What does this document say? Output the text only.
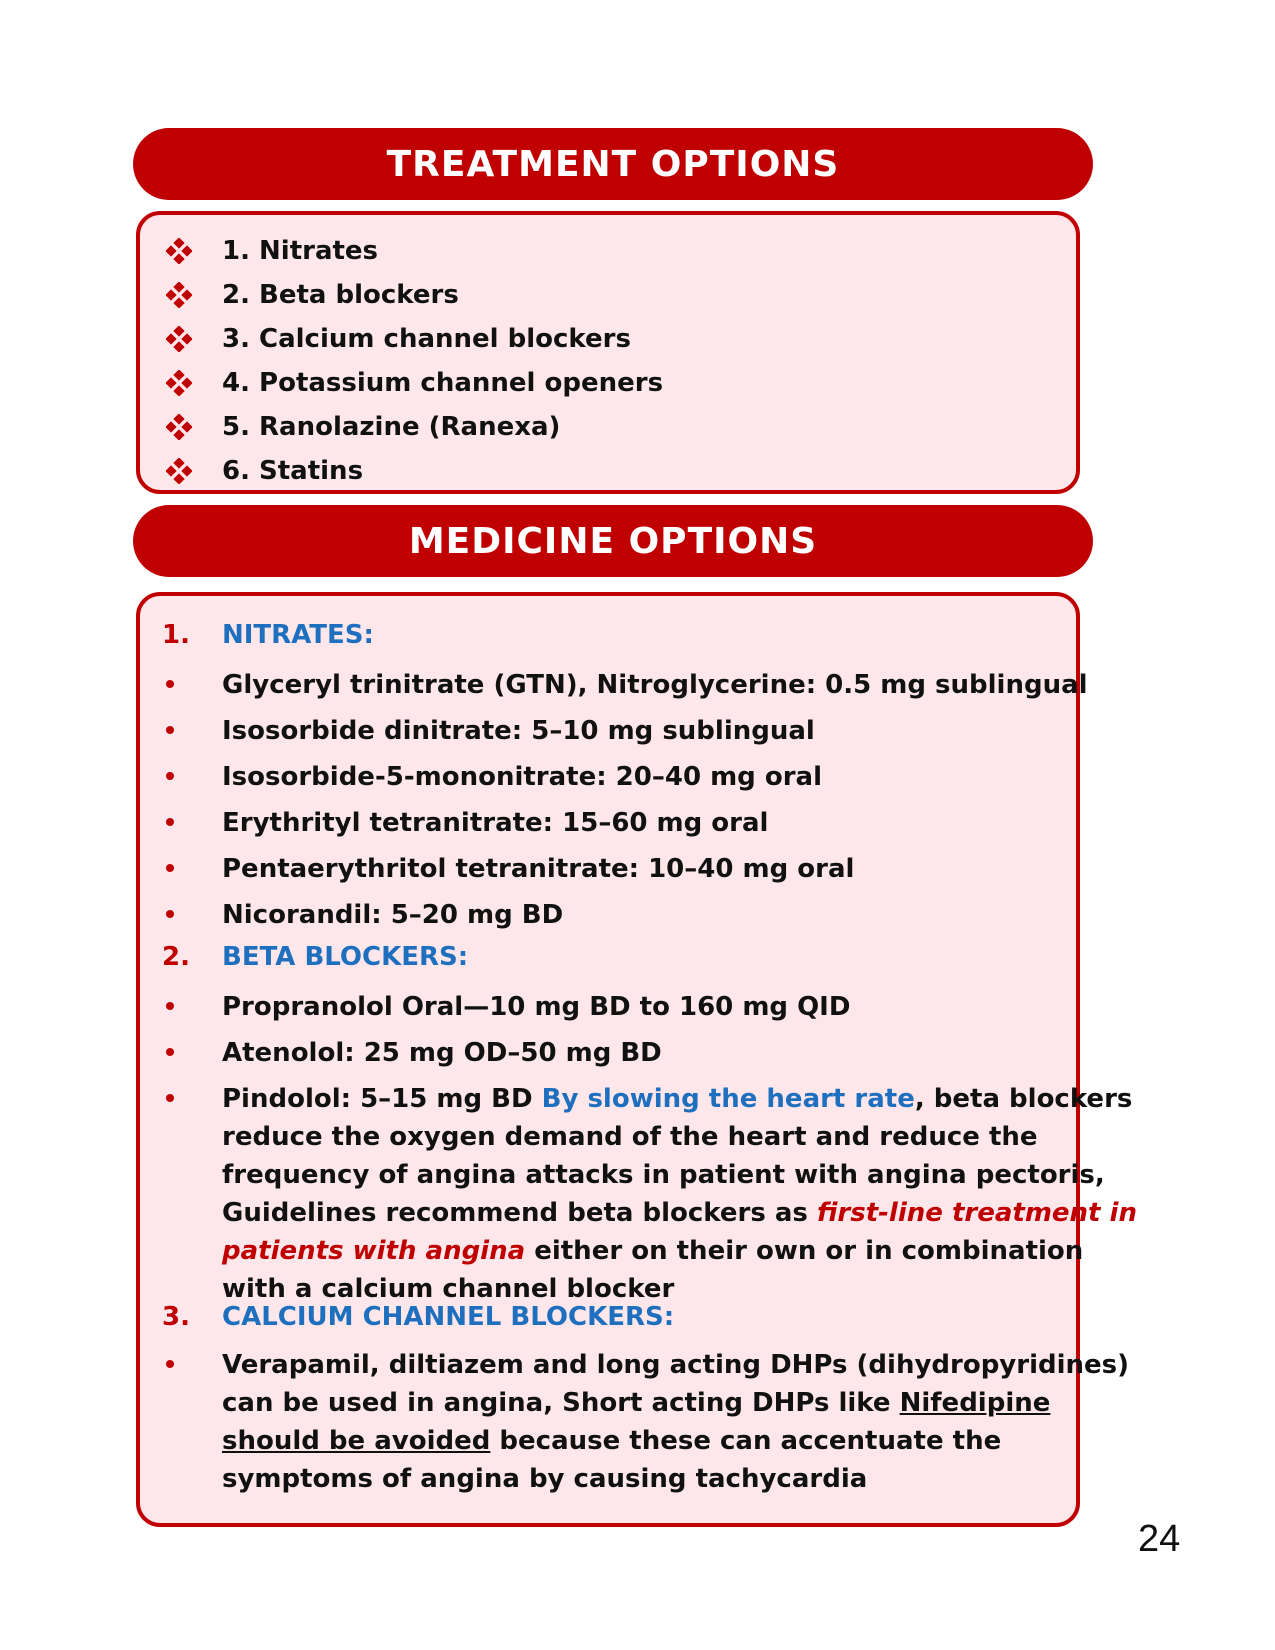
TREATMENT OPTIONS
1. Nitrates
2. Beta blockers
3. Calcium channel blockers
4. Potassium channel openers
5. Ranolazine (Ranexa)
6. Statins
MEDICINE OPTIONS
1. NITRATES:
Glyceryl trinitrate (GTN), Nitroglycerine: 0.5 mg sublingual
Isosorbide dinitrate: 5–10 mg sublingual
Isosorbide-5-mononitrate: 20–40 mg oral
Erythrityl tetranitrate: 15–60 mg oral
Pentaerythritol tetranitrate: 10–40 mg oral
Nicorandil: 5–20 mg BD
2. BETA BLOCKERS:
Propranolol Oral—10 mg BD to 160 mg QID
Atenolol: 25 mg OD–50 mg BD
Pindolol: 5–15 mg BD By slowing the heart rate, beta blockers
reduce the oxygen demand of the heart and reduce the
frequency of angina attacks in patient with angina pectoris,
Guidelines recommend beta blockers as first-line treatment in
patients with angina either on their own or in combination
with a calcium channel blocker
3. CALCIUM CHANNEL BLOCKERS:
Verapamil, diltiazem and long acting DHPs (dihydropyridines)
can be used in angina, Short acting DHPs like Nifedipine
should be avoided because these can accentuate the
symptoms of angina by causing tachycardia
24
